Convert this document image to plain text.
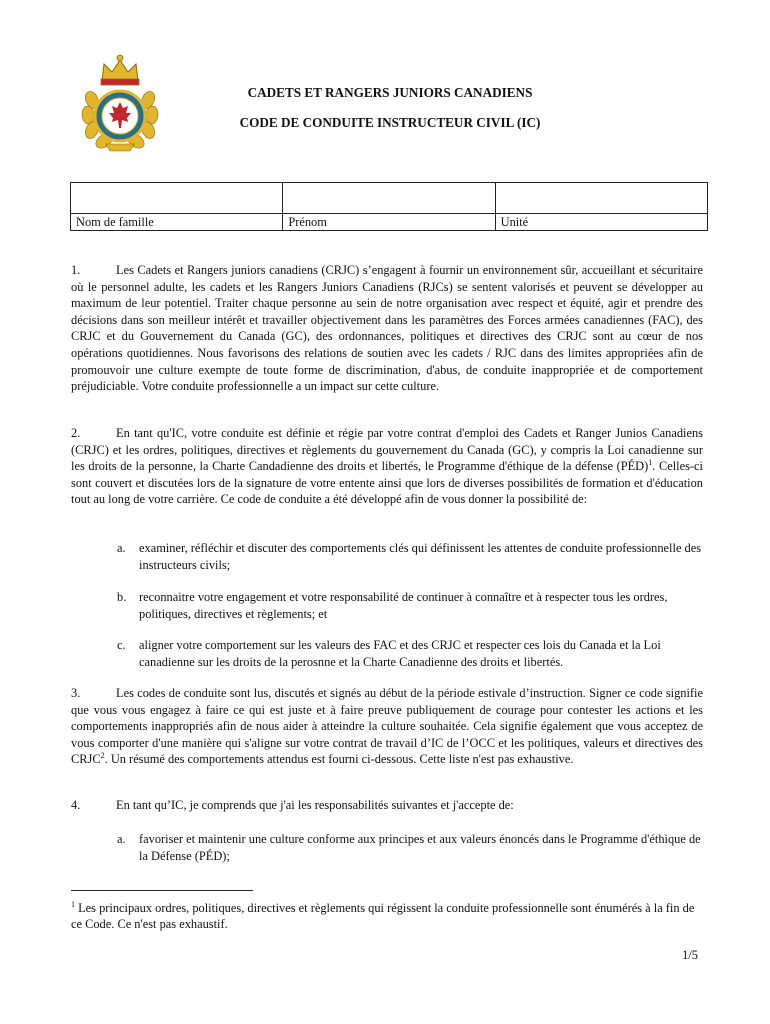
CADETS ET RANGERS JUNIORS CANADIENS
CODE DE CONDUITE INSTRUCTEUR CIVIL (IC)

Nom de famille	Prénom	Unité
1.	Les Cadets et Rangers juniors canadiens (CRJC) s’engagent à fournir un environnement sûr, accueillant et sécuritaire où le personnel adulte, les cadets et les Rangers Juniors Canadiens (RJCs) se sentent valorisés et peuvent se développer au maximum de leur potentiel. Traiter chaque personne au sein de notre organisation avec respect et équité, agir et prendre des décisions dans son meilleur intérêt et travailler objectivement dans les paramètres des Forces armées canadiennes (FAC), des CRJC et du Gouvernement du Canada (GC), des ordonnances, politiques et directives des CRJC sont au cœur de nos opérations quotidiennes. Nous favorisons des relations de soutien avec les cadets / RJC dans des limites appropriées afin de promouvoir une culture exempte de toute forme de discrimination, d'abus, de conduite inappropriée et de comportement préjudiciable. Votre conduite professionnelle a un impact sur cette culture.
2.	En tant qu'IC, votre conduite est définie et régie par votre contrat d'emploi des Cadets et Ranger Junios Canadiens (CRJC) et les ordres, politiques, directives et règlements du gouvernement du Canada (GC), y compris la Loi canadienne sur les droits de la personne, la Charte Candadienne des droits et libertés, le Programme d'éthique de la défense (PÉD)$^1$. Celles-ci sont couvert et discutées lors de la signature de votre entente ainsi que lors de diverses possibilités de formation et d'éducation tout au long de votre carrière. Ce code de conduite a été développé afin de vous donner la possibilité de:
a. examiner, réfléchir et discuter des comportements clés qui définissent les attentes de conduite professionnelle des instructeurs civils;
b. reconnaitre votre engagement et votre responsabilité de continuer à connaître et à respecter tous les ordres, politiques, directives et règlements; et
c. aligner votre comportement sur les valeurs des FAC et des CRJC et respecter ces lois du Canada et la Loi canadienne sur les droits de la perosnne et la Charte Canadienne des droits et libertés.
3.	Les codes de conduite sont lus, discutés et signés au début de la période estivale d’instruction. Signer ce code signifie que vous vous engagez à faire ce qui est juste et à faire preuve publiquement de courage pour contester les actions et les comportements inappropriés afin de nous aider à atteindre la culture souhaitée. Cela signifie également que vous acceptez de vous comporter d'une manière qui s'aligne sur votre contrat de travail d’IC de l’OCC et les politiques, valeurs et directives des CRJC$^2$. Un résumé des comportements attendus est fourni ci-dessous. Cette liste n'est pas exhaustive.
4.	En tant qu’IC, je comprends que j'ai les responsabilités suivantes et j'accepte de:
a. favoriser et maintenir une culture conforme aux principes et aux valeurs énoncés dans le Programme d'éthique de la Défense (PÉD);
$^1$ Les principaux ordres, politiques, directives et règlements qui régissent la conduite professionnelle sont énumérés à la fin de ce Code. Ce n'est pas exhaustif.
1/5
